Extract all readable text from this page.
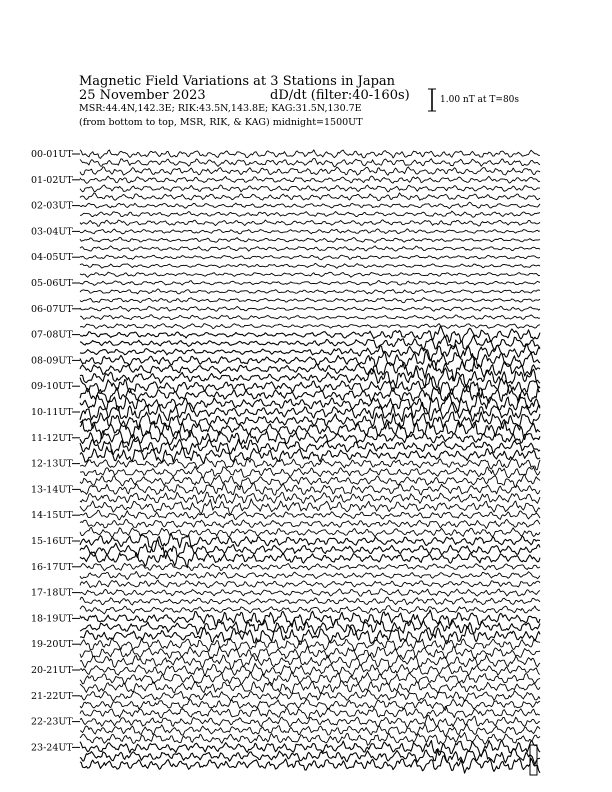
Magnetic Field Variations at 3 Stations in Japan
25 November 2023	dD/dt (filter:40-160s)
MSR:44.4N,142.3E; RIK:43.5N,143.8E; KAG:31.5N,130.7E
(from bottom to top, MSR, RIK, & KAG) midnight=1500UT
1.00 nT at T=80s
00-01UT
01-02UT
02-03UT
03-04UT
04-05UT
05-06UT
06-07UT
07-08UT
08-09UT
09-10UT
10-11UT
11-12UT
12-13UT
13-14UT
14-15UT
15-16UT
16-17UT
17-18UT
18-19UT
19-20UT
20-21UT
21-22UT
22-23UT
23-24UT
